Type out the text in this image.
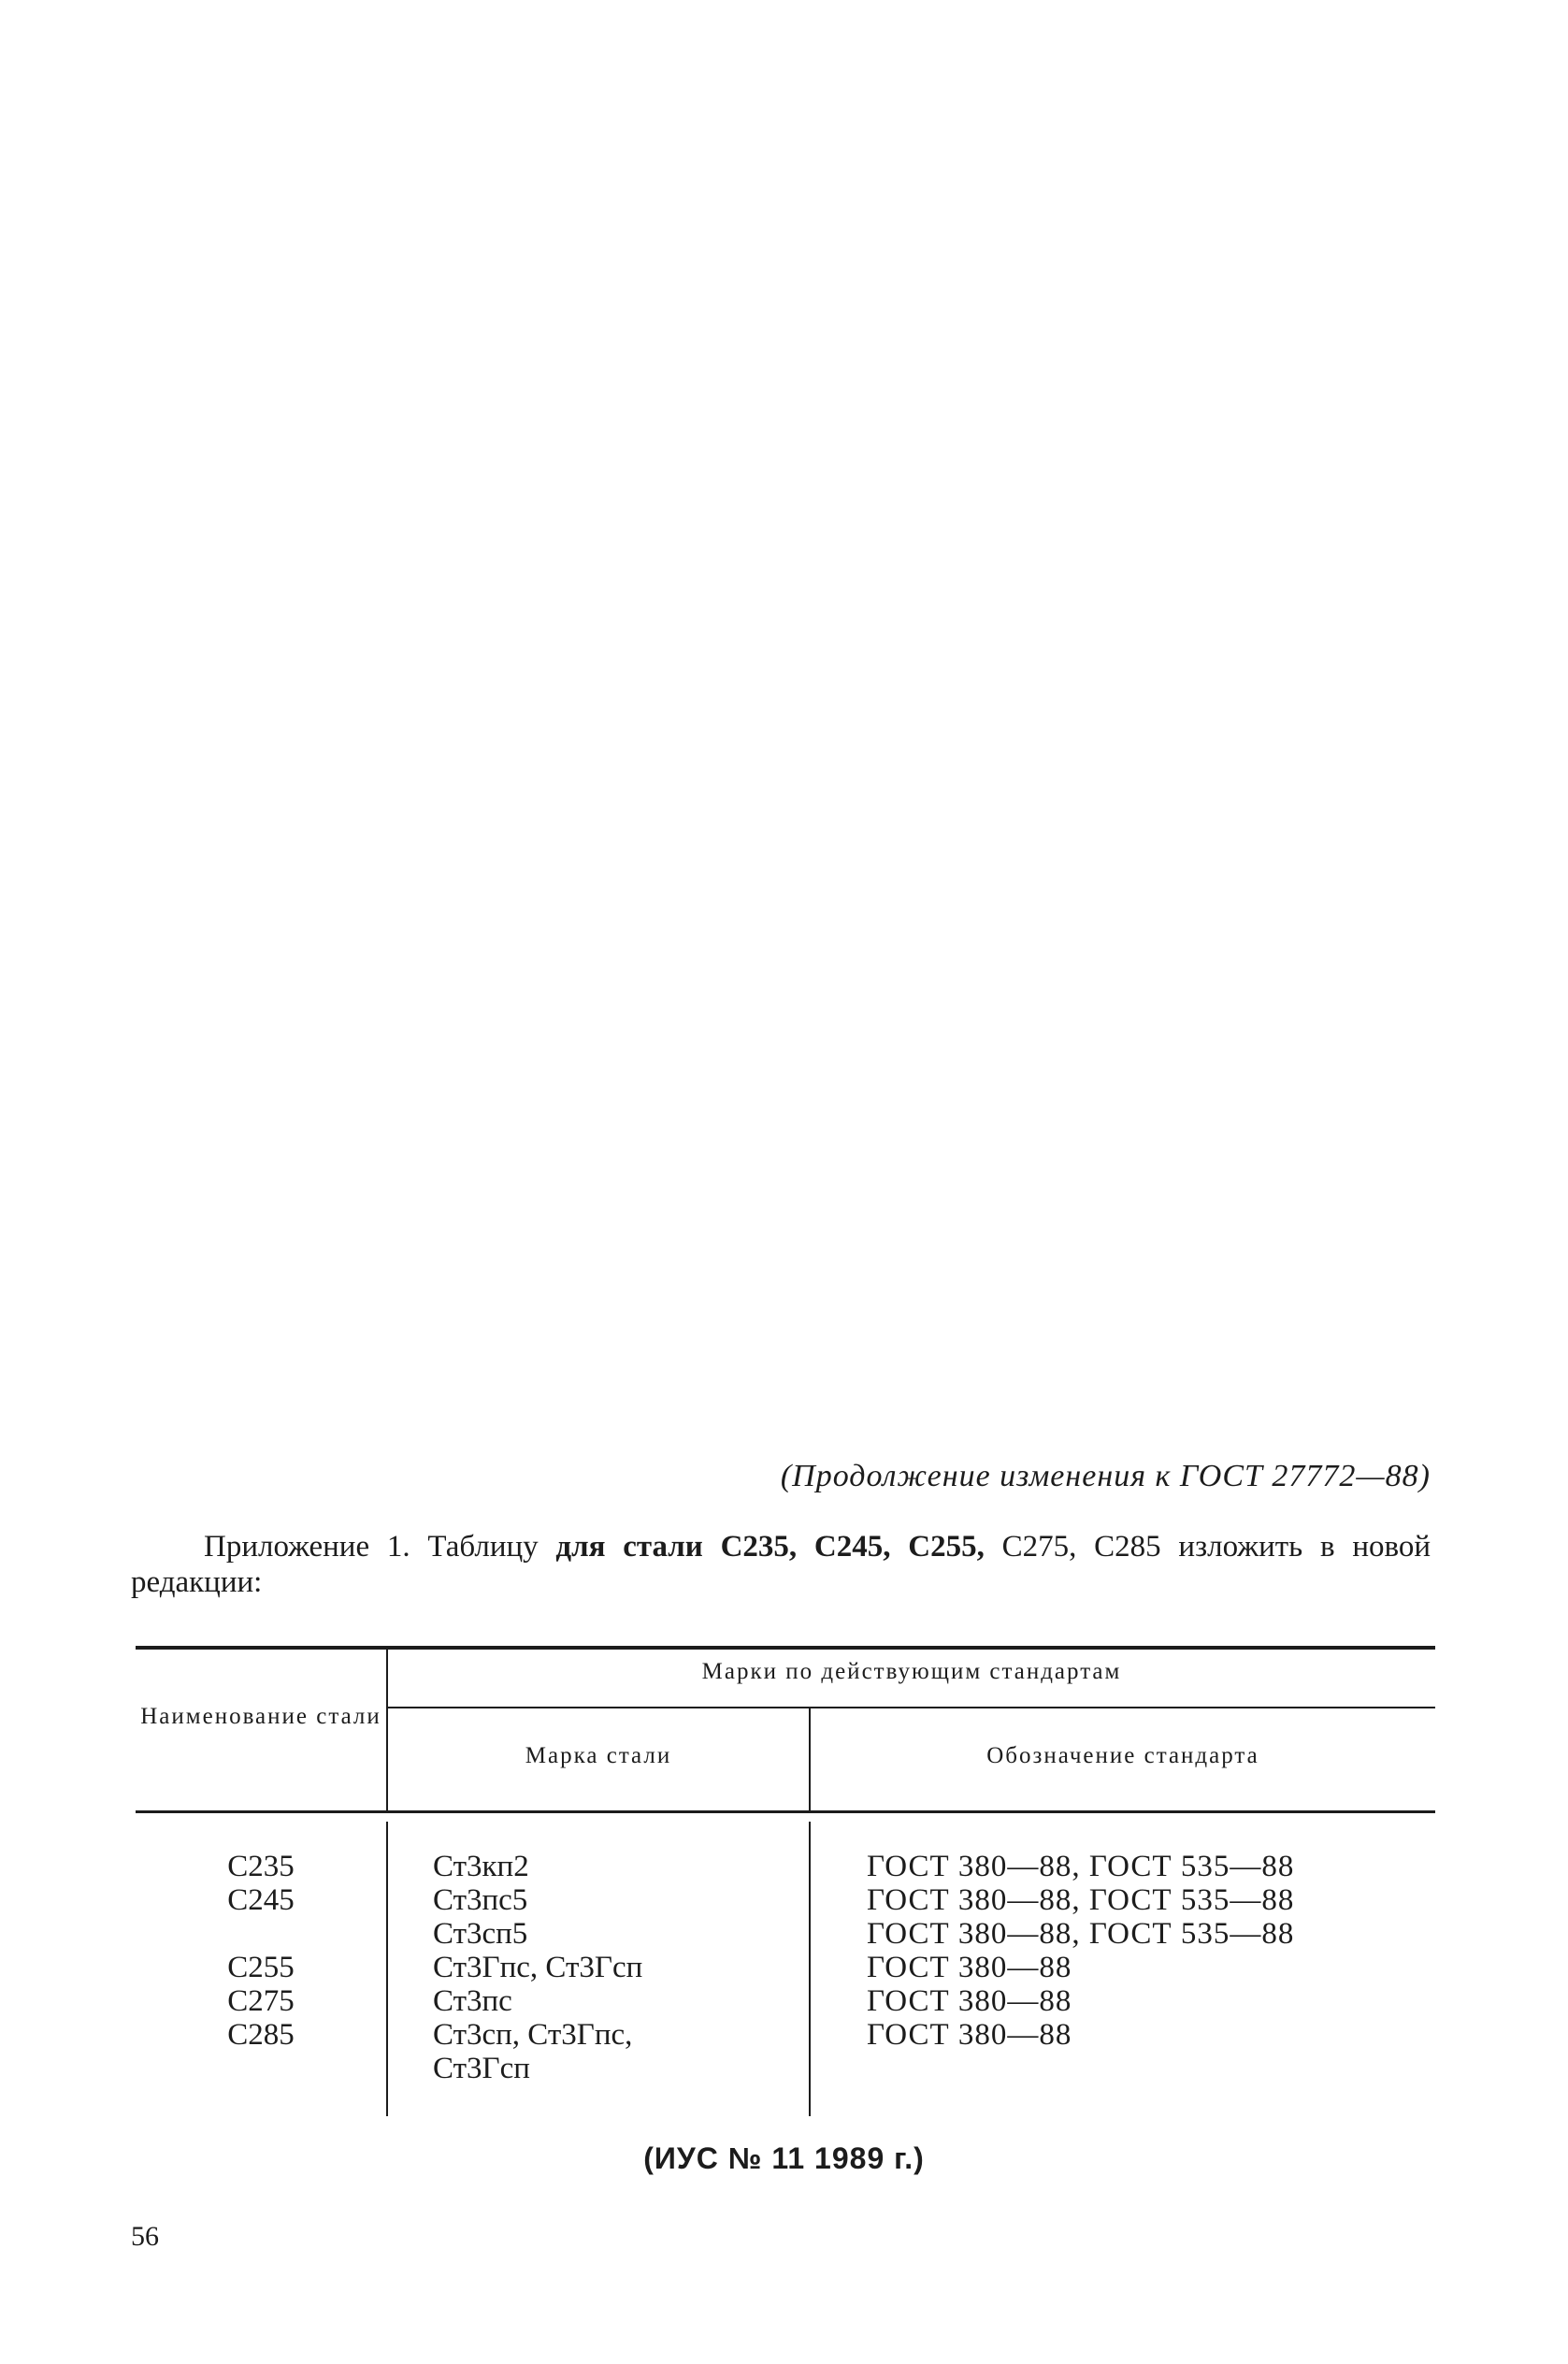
(Продолжение изменения к ГОСТ 27772—88)
Приложение 1. Таблицу для стали С235, С245, С255, С275, С285 изложить в новой редакции:
Наименование стали
Марки по действующим стандартам
Марка стали	Обозначение стандарта
С235
С245
С255
С275
С285
Ст3кп2
Ст3пс5
Ст3сп5
Ст3Гпс, Ст3Гсп
Ст3пс
Ст3сп, Ст3Гпс,
Ст3Гсп
ГОСТ 380—88, ГОСТ 535—88
ГОСТ 380—88, ГОСТ 535—88
ГОСТ 380—88, ГОСТ 535—88
ГОСТ 380—88
ГОСТ 380—88
ГОСТ 380—88
(ИУС № 11 1989 г.)
56
